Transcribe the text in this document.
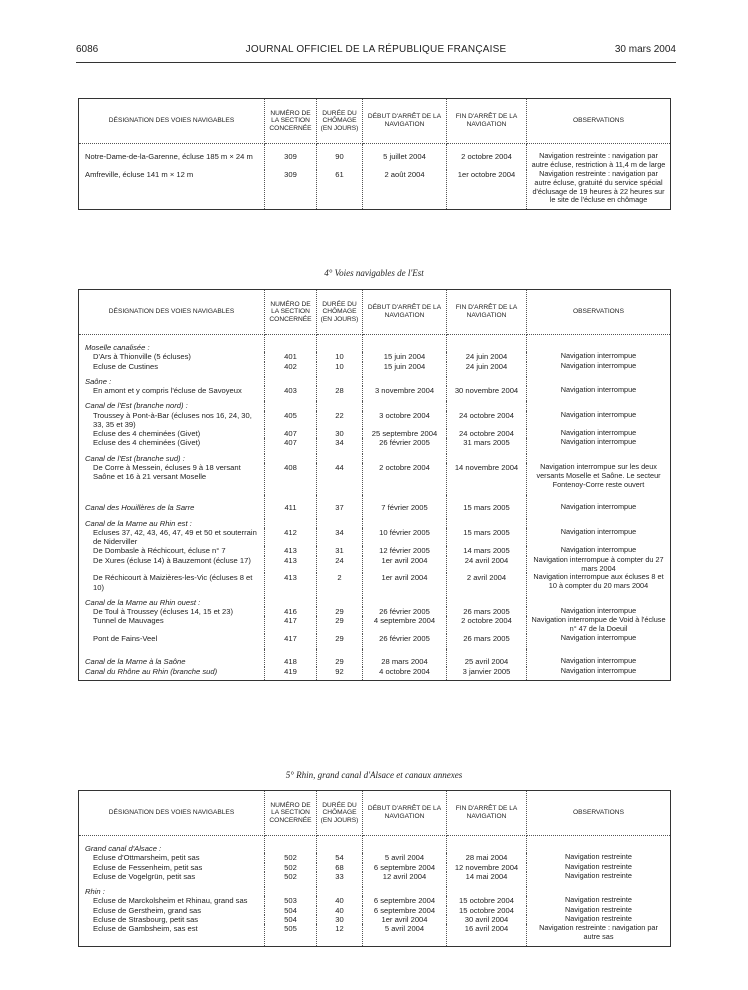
6086	JOURNAL OFFICIEL DE LA RÉPUBLIQUE FRANÇAISE	30 mars 2004
DÉSIGNATION DES VOIES NAVIGABLES	NUMÉRO DE LA SECTION CONCERNÉE	DURÉE DU CHÔMAGE (EN JOURS)	DÉBUT D'ARRÊT DE LA NAVIGATION	FIN D'ARRÊT DE LA NAVIGATION	OBSERVATIONS
Notre-Dame-de-la-Garenne, écluse 185 m × 24 m	309	90	5 juillet 2004	2 octobre 2004	Navigation restreinte : navigation par autre écluse, restriction à 11,4 m de large
Amfreville, écluse 141 m × 12 m	309	61	2 août 2004	1er octobre 2004	Navigation restreinte : navigation par autre écluse, gratuité du service spécial d'éclusage de 19 heures à 22 heures sur le site de l'écluse en chômage
4° Voies navigables de l'Est
DÉSIGNATION DES VOIES NAVIGABLES	NUMÉRO DE LA SECTION CONCERNÉE	DURÉE DU CHÔMAGE (EN JOURS)	DÉBUT D'ARRÊT DE LA NAVIGATION	FIN D'ARRÊT DE LA NAVIGATION	OBSERVATIONS

Moselle canalisée :					

D'Ars à Thionville (5 écluses)	401	10	15 juin 2004	24 juin 2004	Navigation interrompue
Ecluse de Custines	402	10	15 juin 2004	24 juin 2004	Navigation interrompue

Saône :					

En amont et y compris l'écluse de Savoyeux	403	28	3 novembre 2004	30 novembre 2004	Navigation interrompue

Canal de l'Est (branche nord) :					

Troussey à Pont-à-Bar (écluses nos 16, 24, 30, 33, 35 et 39)	405	22	3 octobre 2004	24 octobre 2004	Navigation interrompue
Ecluse des 4 cheminées (Givet)	407	30	25 septembre 2004	24 octobre 2004	Navigation interrompue
Ecluse des 4 cheminées (Givet)	407	34	26 février 2005	31 mars 2005	Navigation interrompue

Canal de l'Est (branche sud) :					

De Corre à Messein, écluses 9 à 18 versant Saône et 16 à 21 versant Moselle	408	44	2 octobre 2004	14 novembre 2004	Navigation interrompue sur les deux versants Moselle et Saône. Le secteur Fontenoy-Corre reste ouvert
Canal des Houillères de la Sarre	411	37	7 février 2005	15 mars 2005	Navigation interrompue

Canal de la Marne au Rhin est :					

Ecluses 37, 42, 43, 46, 47, 49 et 50 et souterrain de Niderviller	412	34	10 février 2005	15 mars 2005	Navigation interrompue
De Dombasle à Réchicourt, écluse n° 7	413	31	12 février 2005	14 mars 2005	Navigation interrompue
De Xures (écluse 14) à Bauzemont (écluse 17)	413	24	1er avril 2004	24 avril 2004	Navigation interrompue à compter du 27 mars 2004
De Réchicourt à Maizières-les-Vic (écluses 8 et 10)	413	2	1er avril 2004	2 avril 2004	Navigation interrompue aux écluses 8 et 10 à compter du 20 mars 2004

Canal de la Marne au Rhin ouest :					

De Toul à Troussey (écluses 14, 15 et 23)	416	29	26 février 2005	26 mars 2005	Navigation interrompue
Tunnel de Mauvages	417	29	4 septembre 2004	2 octobre 2004	Navigation interrompue de Void à l'écluse n° 47 de la Doeuil
Pont de Fains-Veel	417	29	26 février 2005	26 mars 2005	Navigation interrompue
Canal de la Marne à la Saône	418	29	28 mars 2004	25 avril 2004	Navigation interrompue
Canal du Rhône au Rhin (branche sud)	419	92	4 octobre 2004	3 janvier 2005	Navigation interrompue
5° Rhin, grand canal d'Alsace et canaux annexes
DÉSIGNATION DES VOIES NAVIGABLES	NUMÉRO DE LA SECTION CONCERNÉE	DURÉE DU CHÔMAGE (EN JOURS)	DÉBUT D'ARRÊT DE LA NAVIGATION	FIN D'ARRÊT DE LA NAVIGATION	OBSERVATIONS

Grand canal d'Alsace :					

Ecluse d'Ottmarsheim, petit sas	502	54	5 avril 2004	28 mai 2004	Navigation restreinte
Ecluse de Fessenheim, petit sas	502	68	6 septembre 2004	12 novembre 2004	Navigation restreinte
Ecluse de Vogelgrün, petit sas	502	33	12 avril 2004	14 mai 2004	Navigation restreinte

Rhin :					

Ecluse de Marckolsheim et Rhinau, grand sas	503	40	6 septembre 2004	15 octobre 2004	Navigation restreinte
Ecluse de Gerstheim, grand sas	504	40	6 septembre 2004	15 octobre 2004	Navigation restreinte
Ecluse de Strasbourg, petit sas	504	30	1er avril 2004	30 avril 2004	Navigation restreinte
Ecluse de Gambsheim, sas est	505	12	5 avril 2004	16 avril 2004	Navigation restreinte : navigation par autre sas
